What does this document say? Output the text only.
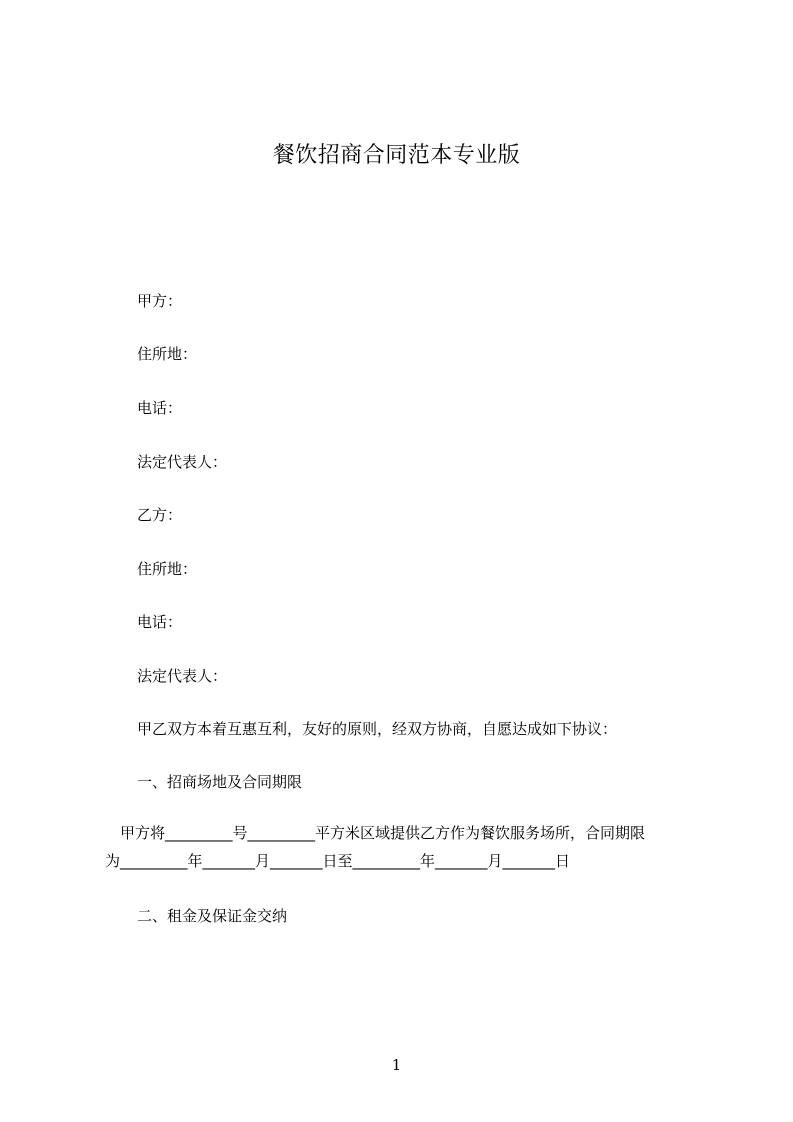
餐饮招商合同范本专业版
甲方：
住所地：
电话：
法定代表人：
乙方：
住所地：
电话：
法定代表人：
甲乙双方本着互惠互利，友好的原则，经双方协商，自愿达成如下协议：
一、招商场地及合同期限
　甲方将_________号_________平方米区域提供乙方作为餐饮服务场所，合同期限
为_________年_______月_______日至_________年_______月_______日
二、租金及保证金交纳
1
